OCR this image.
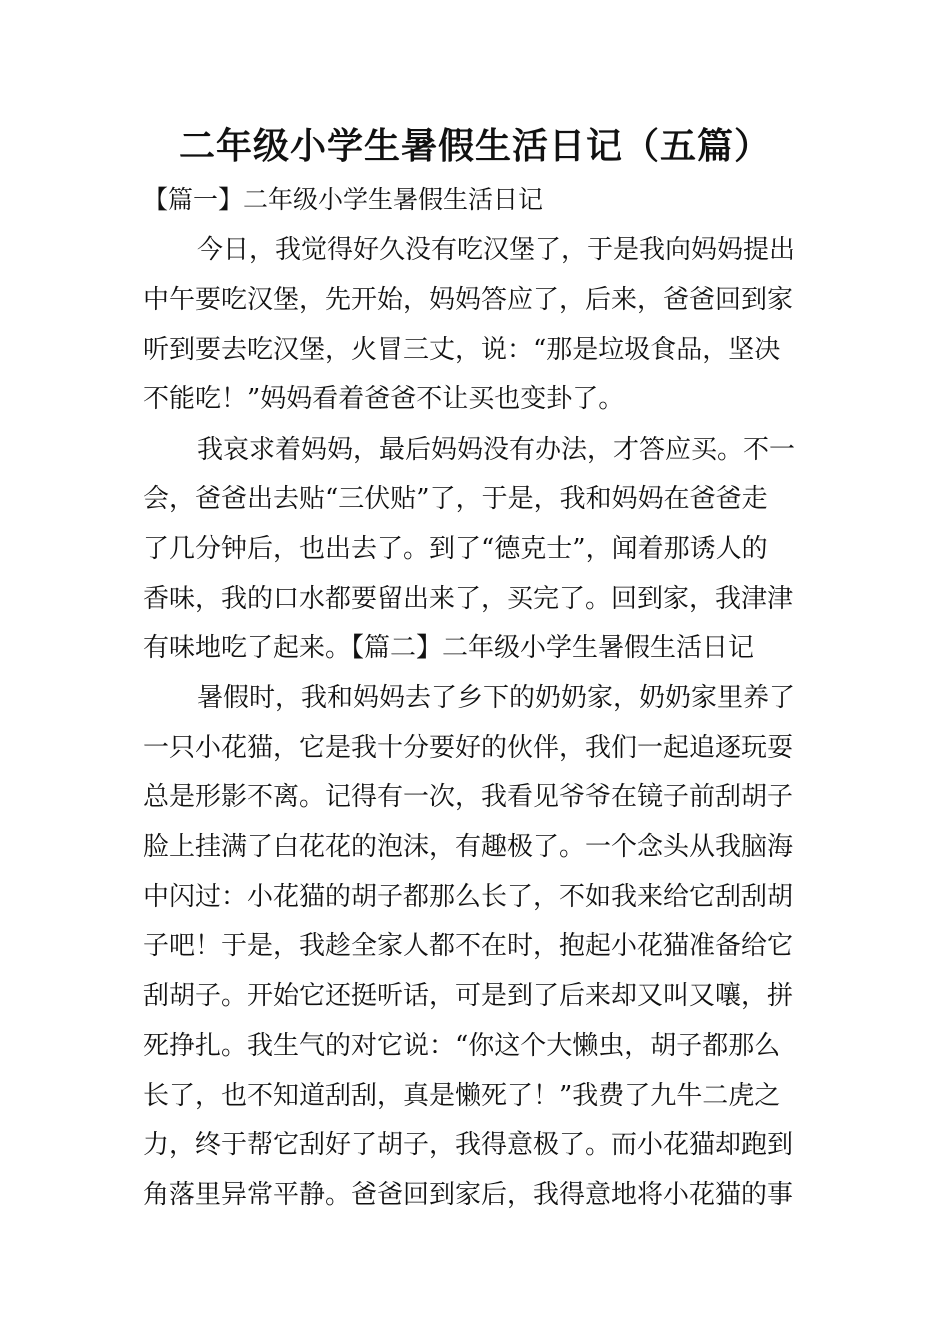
二年级小学生暑假生活日记（五篇）

【篇一】二年级小学生暑假生活日记

今日，我觉得好久没有吃汉堡了，于是我向妈妈提出

中午要吃汉堡，先开始，妈妈答应了，后来，爸爸回到家

听到要去吃汉堡，火冒三丈，说：“那是垃圾食品，坚决

不能吃！”妈妈看着爸爸不让买也变卦了。

我哀求着妈妈，最后妈妈没有办法，才答应买。不一

会，爸爸出去贴“三伏贴”了，于是，我和妈妈在爸爸走

了几分钟后，也出去了。到了“德克士”，闻着那诱人的

香味，我的口水都要留出来了，买完了。回到家，我津津

有味地吃了起来。【篇二】二年级小学生暑假生活日记

暑假时，我和妈妈去了乡下的奶奶家，奶奶家里养了

一只小花猫，它是我十分要好的伙伴，我们一起追逐玩耍

总是形影不离。记得有一次，我看见爷爷在镜子前刮胡子

脸上挂满了白花花的泡沫，有趣极了。一个念头从我脑海

中闪过：小花猫的胡子都那么长了，不如我来给它刮刮胡

子吧！于是，我趁全家人都不在时，抱起小花猫准备给它

刮胡子。开始它还挺听话，可是到了后来却又叫又嚷，拼

死挣扎。我生气的对它说：“你这个大懒虫，胡子都那么

长了，也不知道刮刮，真是懒死了！”我费了九牛二虎之

力，终于帮它刮好了胡子，我得意极了。而小花猫却跑到

角落里异常平静。爸爸回到家后，我得意地将小花猫的事
